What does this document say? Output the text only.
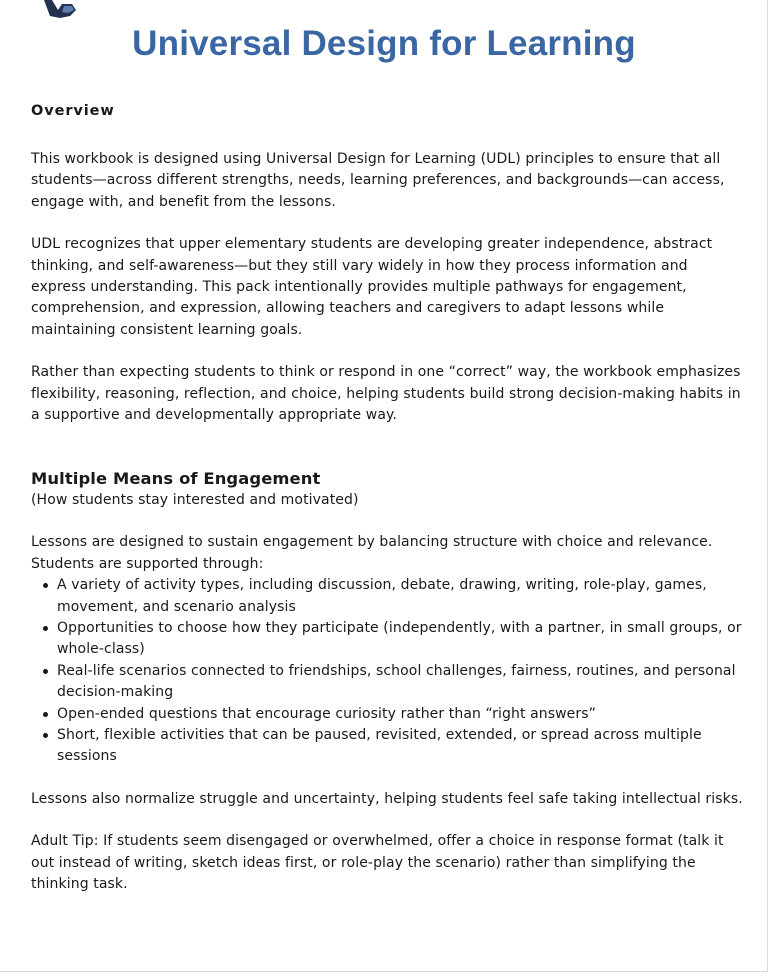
Universal Design for Learning
Overview

This workbook is designed using Universal Design for Learning (UDL) principles to ensure that all students—across different strengths, needs, learning preferences, and backgrounds—can access, engage with, and benefit from the lessons.

UDL recognizes that upper elementary students are developing greater independence, abstract thinking, and self-awareness—but they still vary widely in how they process information and express understanding. This pack intentionally provides multiple pathways for engagement, comprehension, and expression, allowing teachers and caregivers to adapt lessons while maintaining consistent learning goals.

Rather than expecting students to think or respond in one “correct” way, the workbook emphasizes flexibility, reasoning, reflection, and choice, helping students build strong decision-making habits in a supportive and developmentally appropriate way.

Multiple Means of Engagement

(How students stay interested and motivated)

Lessons are designed to sustain engagement by balancing structure with choice and relevance. Students are supported through:

A variety of activity types, including discussion, debate, drawing, writing, role-play, games, movement, and scenario analysis
Opportunities to choose how they participate (independently, with a partner, in small groups, or whole-class)
Real-life scenarios connected to friendships, school challenges, fairness, routines, and personal decision-making
Open-ended questions that encourage curiosity rather than “right answers”
Short, flexible activities that can be paused, revisited, extended, or spread across multiple sessions

Lessons also normalize struggle and uncertainty, helping students feel safe taking intellectual risks.

Adult Tip: If students seem disengaged or overwhelmed, offer a choice in response format (talk it out instead of writing, sketch ideas first, or role-play the scenario) rather than simplifying the thinking task.
